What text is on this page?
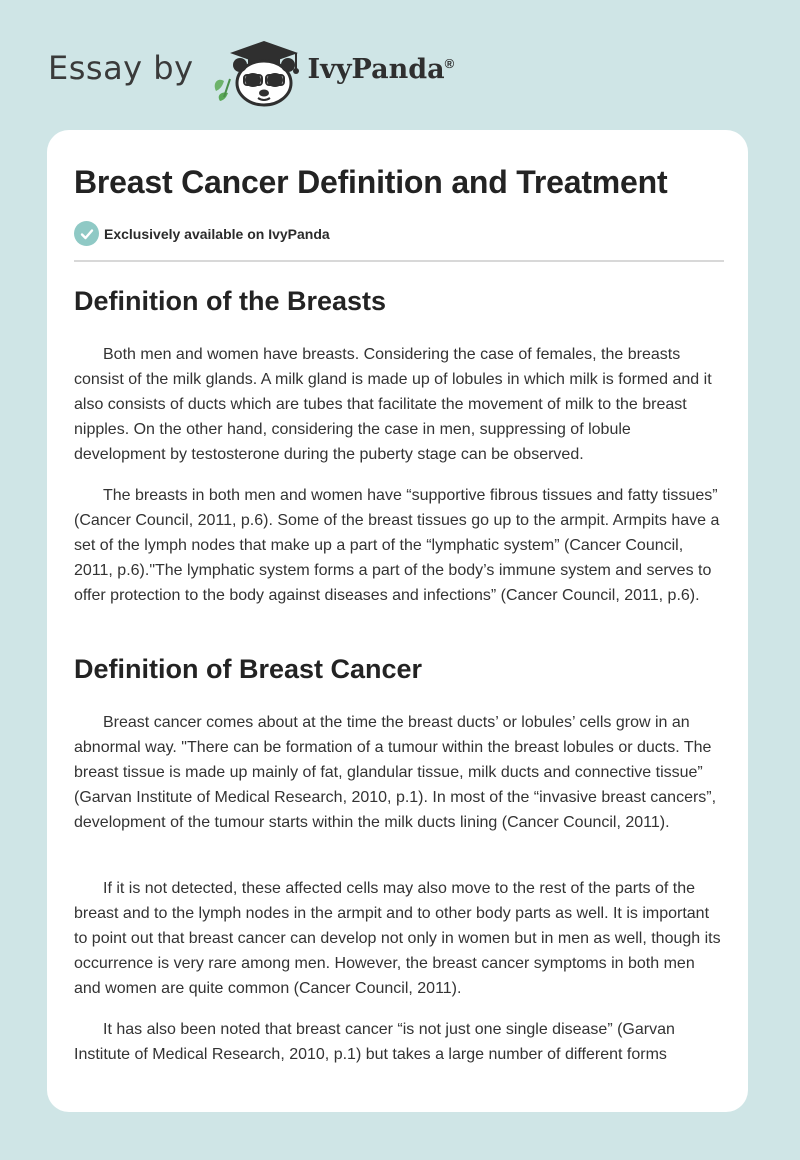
Essay by	IvyPanda®
Breast Cancer Definition and Treatment
Exclusively available on IvyPanda
Definition of the Breasts

Both men and women have breasts. Considering the case of females, the breasts consist of the milk glands. A milk gland is made up of lobules in which milk is formed and it also consists of ducts which are tubes that facilitate the movement of milk to the breast nipples. On the other hand, considering the case in men, suppressing of lobule development by testosterone during the puberty stage can be observed.

The breasts in both men and women have “supportive fibrous tissues and fatty tissues” (Cancer Council, 2011, p.6). Some of the breast tissues go up to the armpit. Armpits have a set of the lymph nodes that make up a part of the “lymphatic system” (Cancer Council, 2011, p.6)."The lymphatic system forms a part of the body’s immune system and serves to offer protection to the body against diseases and infections” (Cancer Council, 2011, p.6).

Definition of Breast Cancer

Breast cancer comes about at the time the breast ducts’ or lobules’ cells grow in an abnormal way. "There can be formation of a tumour within the breast lobules or ducts. The breast tissue is made up mainly of fat, glandular tissue, milk ducts and connective tissue” (Garvan Institute of Medical Research, 2010, p.1). In most of the “invasive breast cancers”, development of the tumour starts within the milk ducts lining (Cancer Council, 2011).

If it is not detected, these affected cells may also move to the rest of the parts of the breast and to the lymph nodes in the armpit and to other body parts as well. It is important to point out that breast cancer can develop not only in women but in men as well, though its occurrence is very rare among men. However, the breast cancer symptoms in both men and women are quite common (Cancer Council, 2011).

It has also been noted that breast cancer “is not just one single disease” (Garvan Institute of Medical Research, 2010, p.1) but takes a large number of different forms
